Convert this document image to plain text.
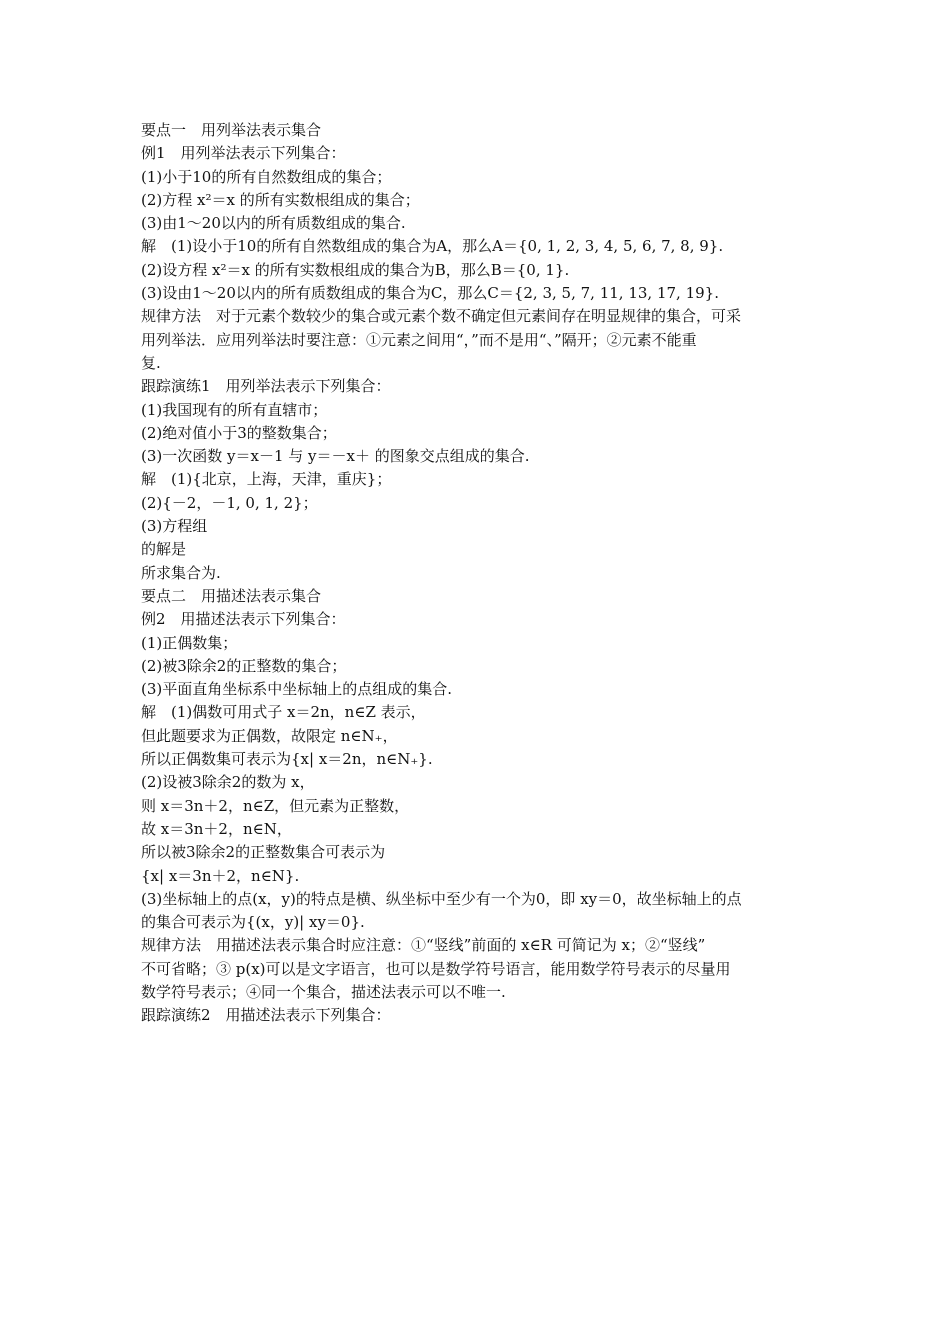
要点一　用列举法表示集合
例1　用列举法表示下列集合：
(1)小于10的所有自然数组成的集合；
(2)方程 x²＝x 的所有实数根组成的集合；
(3)由1～20以内的所有质数组成的集合.
解　(1)设小于10的所有自然数组成的集合为A，那么A＝{0, 1, 2, 3, 4, 5, 6, 7, 8, 9}.
(2)设方程 x²＝x 的所有实数根组成的集合为B，那么B＝{0, 1}.
(3)设由1～20以内的所有质数组成的集合为C，那么C＝{2, 3, 5, 7, 11, 13, 17, 19}.
规律方法　对于元素个数较少的集合或元素个数不确定但元素间存在明显规律的集合，可采
用列举法．应用列举法时要注意：①元素之间用“，”而不是用“、”隔开；②元素不能重
复.
跟踪演练1　用列举法表示下列集合：
(1)我国现有的所有直辖市；
(2)绝对值小于3的整数集合；
(3)一次函数 y＝x－1 与 y＝－x＋ 的图象交点组成的集合.
解　(1){北京，上海，天津，重庆}；
(2){－2，－1, 0, 1, 2}；
(3)方程组
的解是
所求集合为.
要点二　用描述法表示集合
例2　用描述法表示下列集合：
(1)正偶数集；
(2)被3除余2的正整数的集合；
(3)平面直角坐标系中坐标轴上的点组成的集合.
解　(1)偶数可用式子 x＝2n，n∈Z 表示，
但此题要求为正偶数，故限定 n∈N₊，
所以正偶数集可表示为{x| x＝2n，n∈N₊}.
(2)设被3除余2的数为 x，
则 x＝3n＋2，n∈Z，但元素为正整数，
故 x＝3n＋2，n∈N，
所以被3除余2的正整数集合可表示为
{x| x＝3n＋2，n∈N}.
(3)坐标轴上的点(x，y)的特点是横、纵坐标中至少有一个为0，即 xy＝0，故坐标轴上的点
的集合可表示为{(x，y)| xy＝0}.
规律方法　用描述法表示集合时应注意：①“竖线”前面的 x∈R 可简记为 x；②“竖线”
不可省略；③ p(x)可以是文字语言，也可以是数学符号语言，能用数学符号表示的尽量用
数学符号表示；④同一个集合，描述法表示可以不唯一.
跟踪演练2　用描述法表示下列集合：
